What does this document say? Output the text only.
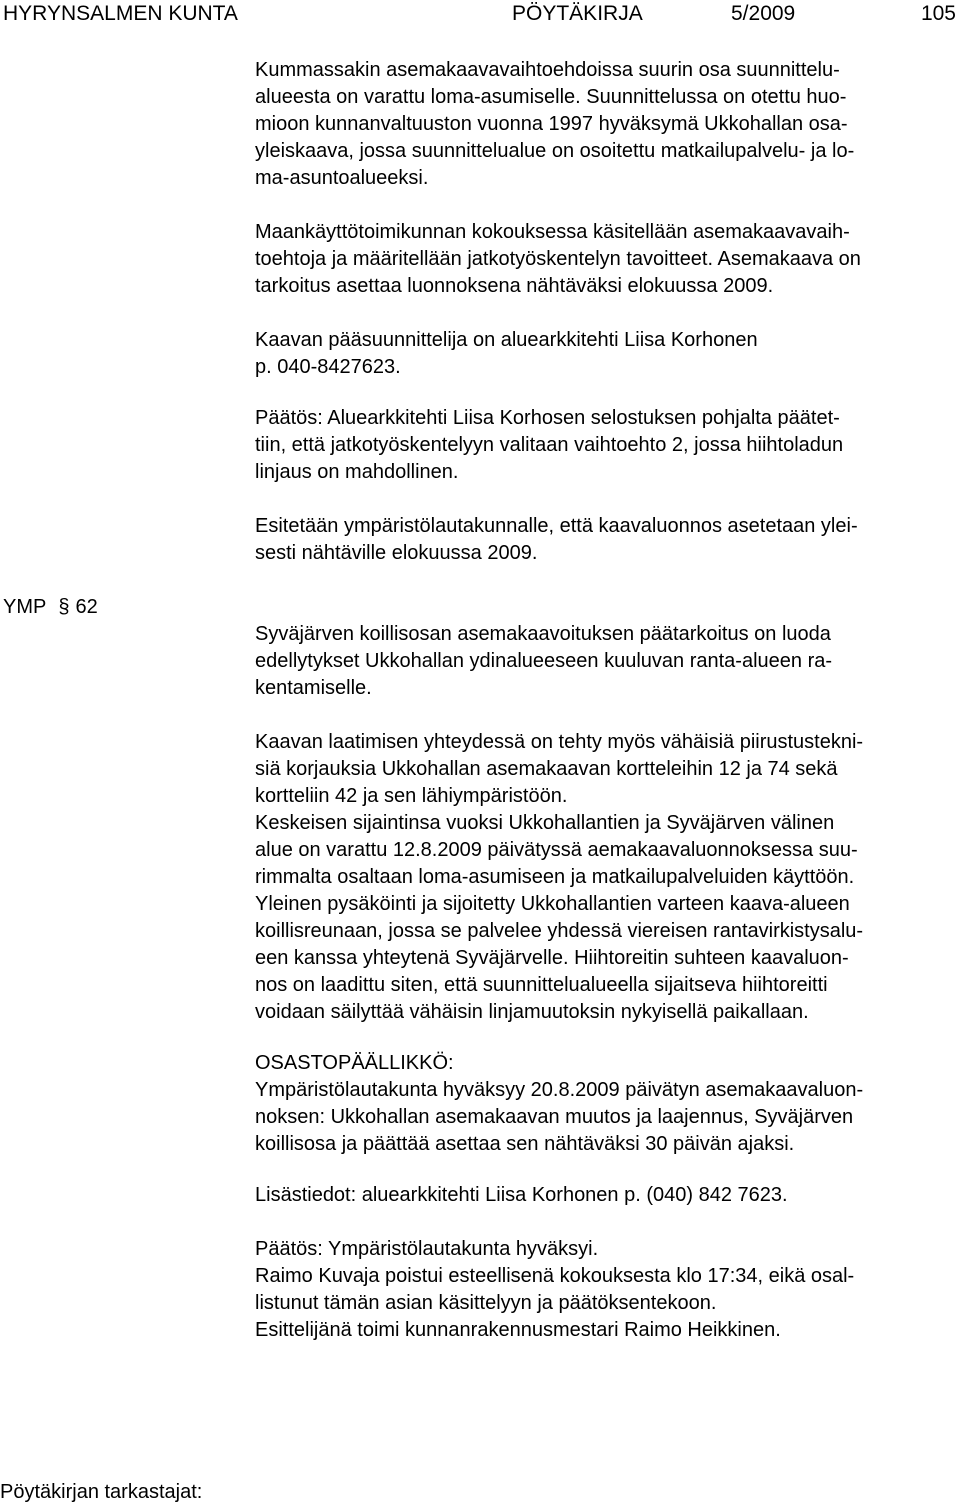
HYRYNSALMEN KUNTA	PÖYTÄKIRJA	5/2009	105
YMP § 62
Kummassakin asemakaavavaihtoehdoissa suurin osa suunnittelu-
alueesta on varattu loma-asumiselle. Suunnittelussa on otettu huo-
mioon kunnanvaltuuston vuonna 1997 hyväksymä Ukkohallan osa-
yleiskaava, jossa suunnittelualue on osoitettu matkailupalvelu- ja lo-
ma-asuntoalueeksi.
Maankäyttötoimikunnan kokouksessa käsitellään asemakaavavaih-
toehtoja ja määritellään jatkotyöskentelyn tavoitteet. Asemakaava on
tarkoitus asettaa luonnoksena nähtäväksi elokuussa 2009.
Kaavan pääsuunnittelija on aluearkkitehti Liisa Korhonen
p. 040-8427623.
Päätös: Aluearkkitehti Liisa Korhosen selostuksen pohjalta päätet-
tiin, että jatkotyöskentelyyn valitaan vaihtoehto 2, jossa hiihtoladun
linjaus on mahdollinen.
Esitetään ympäristölautakunnalle, että kaavaluonnos asetetaan ylei-
sesti nähtäville elokuussa 2009.
Syväjärven koillisosan asemakaavoituksen päätarkoitus on luoda
edellytykset Ukkohallan ydinalueeseen kuuluvan ranta-alueen ra-
kentamiselle.
Kaavan laatimisen yhteydessä on tehty myös vähäisiä piirustustekni-
siä korjauksia Ukkohallan asemakaavan kortteleihin 12 ja 74 sekä
kortteliin 42 ja sen lähiympäristöön.
Keskeisen sijaintinsa vuoksi Ukkohallantien ja Syväjärven välinen
alue on varattu 12.8.2009 päivätyssä aemakaavaluonnoksessa suu-
rimmalta osaltaan loma-asumiseen ja matkailupalveluiden käyttöön.
Yleinen pysäköinti ja sijoitetty Ukkohallantien varteen kaava-alueen
koillisreunaan, jossa se palvelee yhdessä viereisen rantavirkistysalu-
een kanssa yhteytenä Syväjärvelle. Hiihtoreitin suhteen kaavaluon-
nos on laadittu siten, että suunnittelualueella sijaitseva hiihtoreitti
voidaan säilyttää vähäisin linjamuutoksin nykyisellä paikallaan.
OSASTOPÄÄLLIKKÖ:
Ympäristölautakunta hyväksyy 20.8.2009 päivätyn asemakaavaluon-
noksen: Ukkohallan asemakaavan muutos ja laajennus, Syväjärven
koillisosa ja päättää asettaa sen nähtäväksi 30 päivän ajaksi.
Lisästiedot: aluearkkitehti Liisa Korhonen p. (040) 842 7623.
Päätös: Ympäristölautakunta hyväksyi.
Raimo Kuvaja poistui esteellisenä kokouksesta klo 17:34, eikä osal-
listunut tämän asian käsittelyyn ja päätöksentekoon.
Esittelijänä toimi kunnanrakennusmestari Raimo Heikkinen.
Pöytäkirjan tarkastajat:
